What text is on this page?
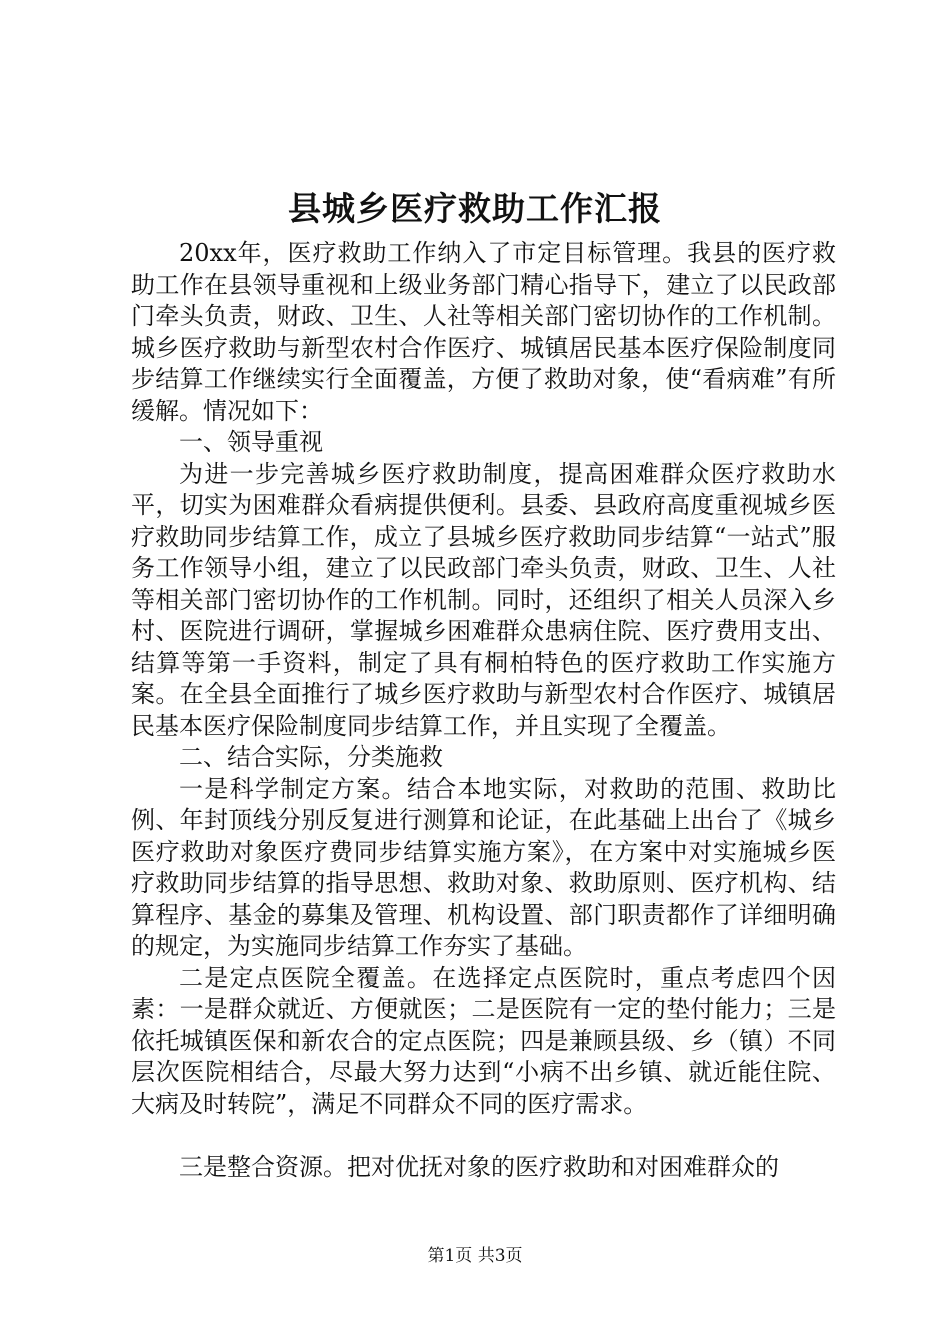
县城乡医疗救助工作汇报

20xx年，医疗救助工作纳入了市定目标管理。我县的医疗救助工作在县领导重视和上级业务部门精心指导下，建立了以民政部门牵头负责，财政、卫生、人社等相关部门密切协作的工作机制。城乡医疗救助与新型农村合作医疗、城镇居民基本医疗保险制度同步结算工作继续实行全面覆盖，方便了救助对象，使“看病难”有所缓解。情况如下：

一、领导重视

为进一步完善城乡医疗救助制度，提高困难群众医疗救助水平，切实为困难群众看病提供便利。县委、县政府高度重视城乡医疗救助同步结算工作，成立了县城乡医疗救助同步结算“一站式”服务工作领导小组，建立了以民政部门牵头负责，财政、卫生、人社等相关部门密切协作的工作机制。同时，还组织了相关人员深入乡村、医院进行调研，掌握城乡困难群众患病住院、医疗费用支出、结算等第一手资料，制定了具有桐柏特色的医疗救助工作实施方案。在全县全面推行了城乡医疗救助与新型农村合作医疗、城镇居民基本医疗保险制度同步结算工作，并且实现了全覆盖。

二、结合实际，分类施救

一是科学制定方案。结合本地实际，对救助的范围、救助比例、年封顶线分别反复进行测算和论证，在此基础上出台了《城乡医疗救助对象医疗费同步结算实施方案》，在方案中对实施城乡医疗救助同步结算的指导思想、救助对象、救助原则、医疗机构、结算程序、基金的募集及管理、机构设置、部门职责都作了详细明确的规定，为实施同步结算工作夯实了基础。

二是定点医院全覆盖。在选择定点医院时，重点考虑四个因素：一是群众就近、方便就医；二是医院有一定的垫付能力；三是依托城镇医保和新农合的定点医院；四是兼顾县级、乡（镇）不同层次医院相结合，尽最大努力达到“小病不出乡镇、就近能住院、大病及时转院”，满足不同群众不同的医疗需求。

三是整合资源。把对优抚对象的医疗救助和对困难群众的

第1页 共3页
